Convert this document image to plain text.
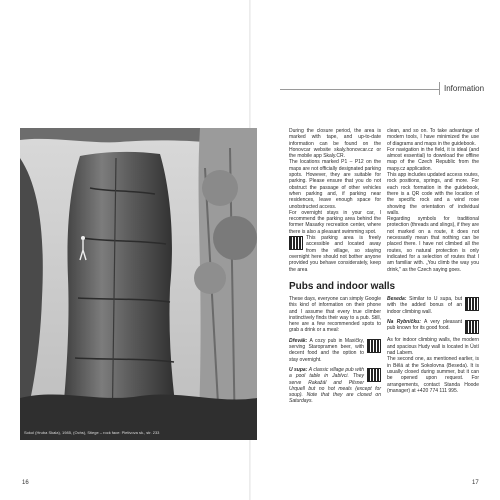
Information
Sokol (Hruba Skala), 1985, (Ochs), Stiege – rock face: Pletivova sk., str. 233

During the closure period, the area is marked with tape, and up-to-date information can be found on the Honovcar website skaly.honovcar.cz or the mobile app Skaly.CR.

The locations marked P1 – P12 on the maps are not officially designated parking spots. However, they are suitable for parking. Please ensure that you do not obstruct the passage of other vehicles when parking and, if parking near residences, leave enough space for unobstructed access.

For overnight stays in your car, I recommend the parking area behind the former Masarky recreation center, where there is also a pleasant swimming spot.

This parking area is freely accessible and located away from the village, so staying overnight here should not bother anyone provided you behave considerately, keep the area

clean, and so on. To take advantage of modern tools, I have minimized the use of diagrams and maps in the guidebook.

For navigation in the field, it is ideal (and almost essential) to download the offline map of the Czech Republic from the mapy.cz application.

This app includes updated access routes, rock positions, springs, and more. For each rock formation in the guidebook, there is a QR code with the location of the specific rock and a wind rose showing the orientation of individual walls.

Regarding symbols for traditional protection (threads and slings), if they are not marked on a route, it does not necessarily mean that nothing can be placed there. I have not climbed all the routes, so natural protection is only indicated for a selection of routes that I am familiar with. „You climb the way you drink," as the Czech saying goes.

Pubs and indoor walls

These days, everyone can simply Google this kind of information on their phone and I assume that every true climber instinctively finds their way to a pub. Still, here are a few recommended spots to grab a drink or a meal:

Dřevák: A cozy pub in Maxičky, serving Staropramen beer, with decent food and the option to stay overnight.

U supa: A classic village pub with a pool table in Jablvci. They serve Rakažál and Pilsner Urquell but no hot meals (except for soup). Note that they are closed on Saturdays.

Beseda: Similar to U supa, but with the added bonus of an indoor climbing wall.

Na Rybníčku: A very pleasant pub known for its good food.

As for indoor climbing walls, the modern and spacious Hudy wall is located in Ústí nad Labem.

The second one, as mentioned earlier, is in Bělá at the Sokolovna (Beseda). It is usually closed during summer, but it can be opened upon request. For arrangements, contact Standa Hoode (manager) at +420 774 111 995.

16	17
